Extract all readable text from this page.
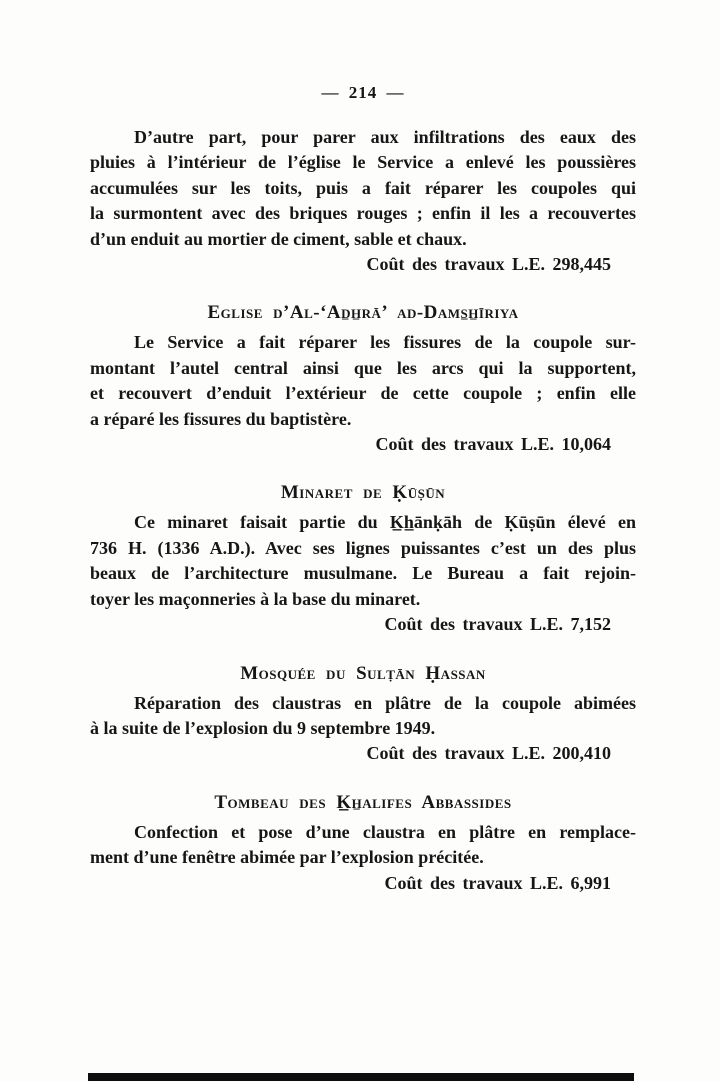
— 214 —
D’autre part, pour parer aux infiltrations des eaux des
pluies à l’intérieur de l’église le Service a enlevé les poussières
accumulées sur les toits, puis a fait réparer les coupoles qui
la surmontent avec des briques rouges ; enfin il les a recouvertes
d’un enduit au mortier de ciment, sable et chaux.
Coût des travaux L.E. 298,445
Eglise d’Al-‘Ad̲h̲rā’ ad-Dams̲h̲īriya
Le Service a fait réparer les fissures de la coupole sur-
montant l’autel central ainsi que les arcs qui la supportent,
et recouvert d’enduit l’extérieur de cette coupole ; enfin elle
a réparé les fissures du baptistère.
Coût des travaux L.E. 10,064
Minaret de Ḳūṣūn
Ce minaret faisait partie du K̲h̲ānḳāh de Ḳūṣūn élevé en
736 H. (1336 A.D.). Avec ses lignes puissantes c’est un des plus
beaux de l’architecture musulmane. Le Bureau a fait rejoin-
toyer les maçonneries à la base du minaret.
Coût des travaux L.E. 7,152
Mosquée du Sulṭān Ḥassan
Réparation des claustras en plâtre de la coupole abimées
à la suite de l’explosion du 9 septembre 1949.
Coût des travaux L.E. 200,410
Tombeau des K̲h̲alifes Abbassides
Confection et pose d’une claustra en plâtre en remplace-
ment d’une fenêtre abimée par l’explosion précitée.
Coût des travaux L.E. 6,991
